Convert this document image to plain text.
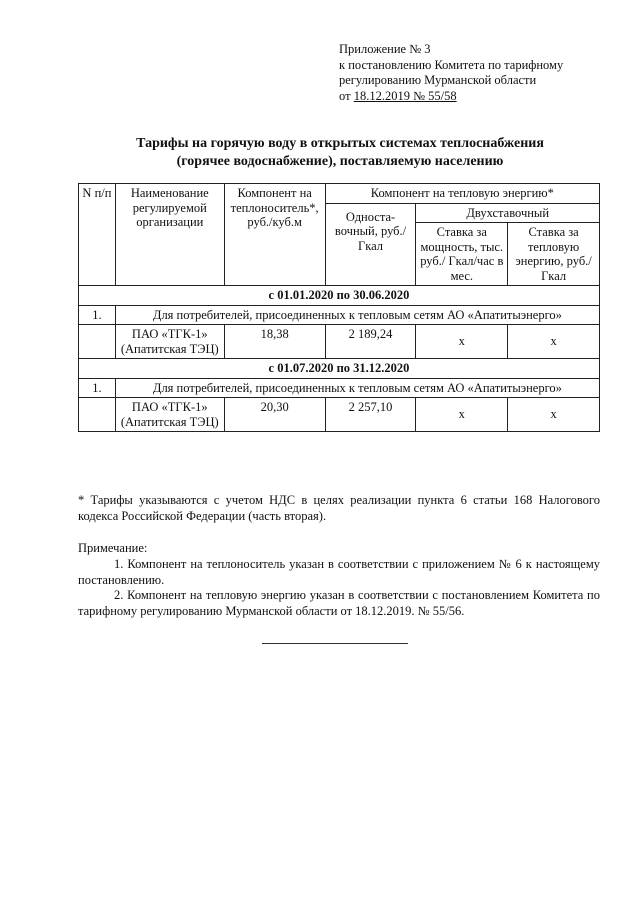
Приложение № 3
к постановлению Комитета по тарифному
регулированию Мурманской области
от 18.12.2019 № 55/58
Тарифы на горячую воду в открытых системах теплоснабжения
(горячее водоснабжение), поставляемую населению
N п/п	Наименование регулируемой организации	Компонент на теплоноситель*, руб./куб.м	Компонент на тепловую энергию*		
			Односта-вочный, руб./Гкал	Двухставочный	
				Ставка за мощность, тыс. руб./ Гкал/час в мес.	Ставка за тепловую энергию, руб./Гкал
с 01.01.2020 по 30.06.2020					
1.	Для потребителей, присоединенных к тепловым сетям АО «Апатитыэнерго»				
	ПАО «ТГК-1» (Апатитская ТЭЦ)	18,38	2 189,24	х	х
с 01.07.2020 по 31.12.2020					
1.	Для потребителей, присоединенных к тепловым сетям АО «Апатитыэнерго»				
	ПАО «ТГК-1» (Апатитская ТЭЦ)	20,30	2 257,10	х	х
* Тарифы указываются с учетом НДС в целях реализации пункта 6 статьи 168 Налогового кодекса Российской Федерации (часть вторая).
Примечание:
1. Компонент на теплоноситель указан в соответствии с приложением № 6 к настоящему постановлению.
2. Компонент на тепловую энергию указан в соответствии с постановлением Комитета по тарифному регулированию Мурманской области от 18.12.2019. № 55/56.
